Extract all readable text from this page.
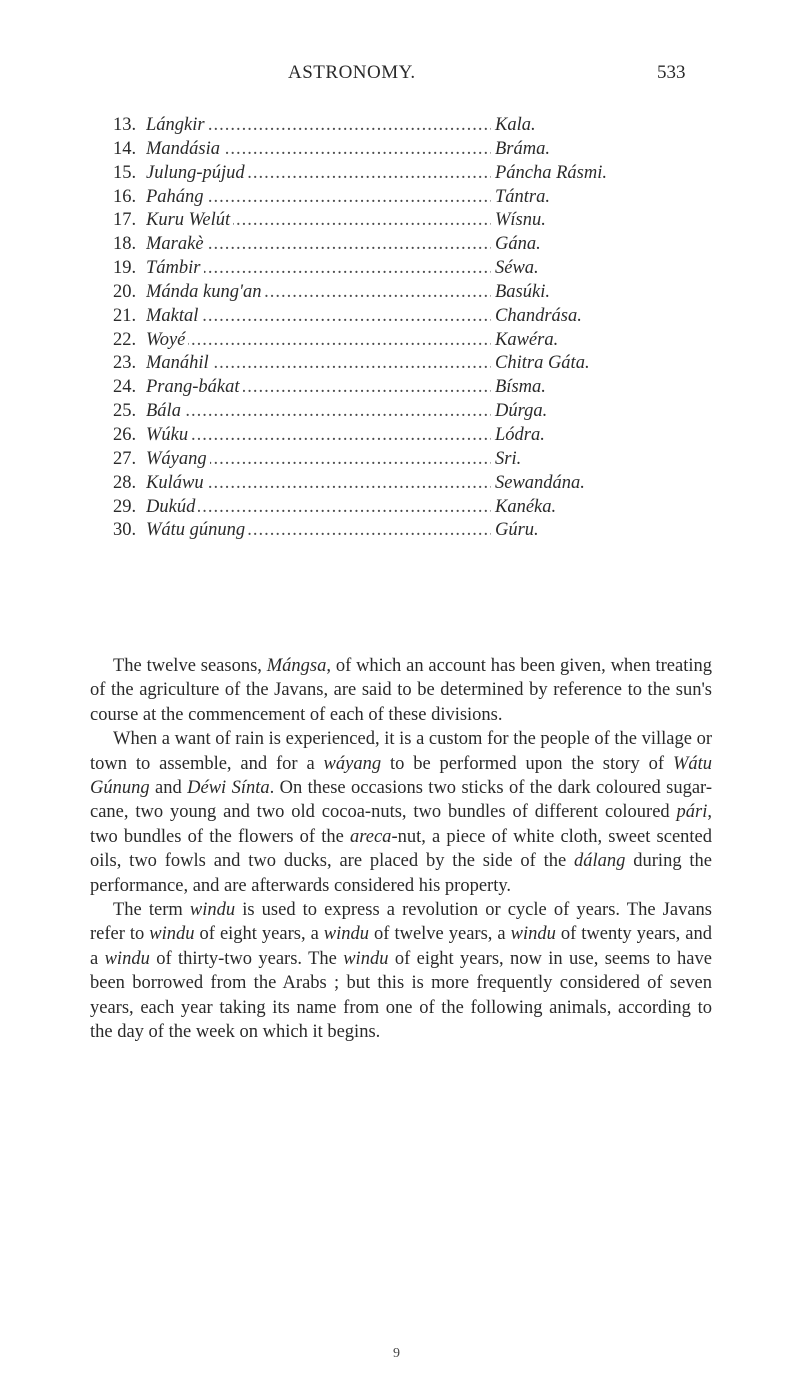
ASTRONOMY.	533
13. ..... Lángkir	Kala.
14. ..... Mandásia	Bráma.
15. ..... Julung-pújud	Páncha Rásmi.
16. ..... Paháng	Tántra.
17. ..... Kuru Welút	Wísnu.
18. ..... Marakè	Gána.
19. ..... Támbir	Séwa.
20. ..... Mánda kung'an	Basúki.
21. ..... Maktal	Chandrása.
22. ..... Woyé	Kawéra.
23. ..... Manáhil	Chitra Gáta.
24. ..... Prang-bákat	Bísma.
25. ..... Bála	Dúrga.
26. ..... Wúku	Lódra.
27. ..... Wáyang	Sri.
28. ..... Kuláwu	Sewandána.
29. ..... Dukúd	Kanéka.
30. ..... Wátu gúnung	Gúru.

The twelve seasons, Mángsa, of which an account has been given, when treating of the agriculture of the Javans, are said to be determined by reference to the sun's course at the commencement of each of these divisions.

When a want of rain is experienced, it is a custom for the people of the village or town to assemble, and for a wáyang to be performed upon the story of Wátu Gúnung and Déwi Sínta. On these occasions two sticks of the dark coloured sugar-cane, two young and two old cocoa-nuts, two bundles of different coloured pári, two bundles of the flowers of the areca-nut, a piece of white cloth, sweet scented oils, two fowls and two ducks, are placed by the side of the dálang during the performance, and are afterwards considered his property.

The term windu is used to express a revolution or cycle of years. The Javans refer to windu of eight years, a windu of twelve years, a windu of twenty years, and a windu of thirty-two years. The windu of eight years, now in use, seems to have been borrowed from the Arabs ; but this is more frequently considered of seven years, each year taking its name from one of the following animals, according to the day of the week on which it begins.

9
